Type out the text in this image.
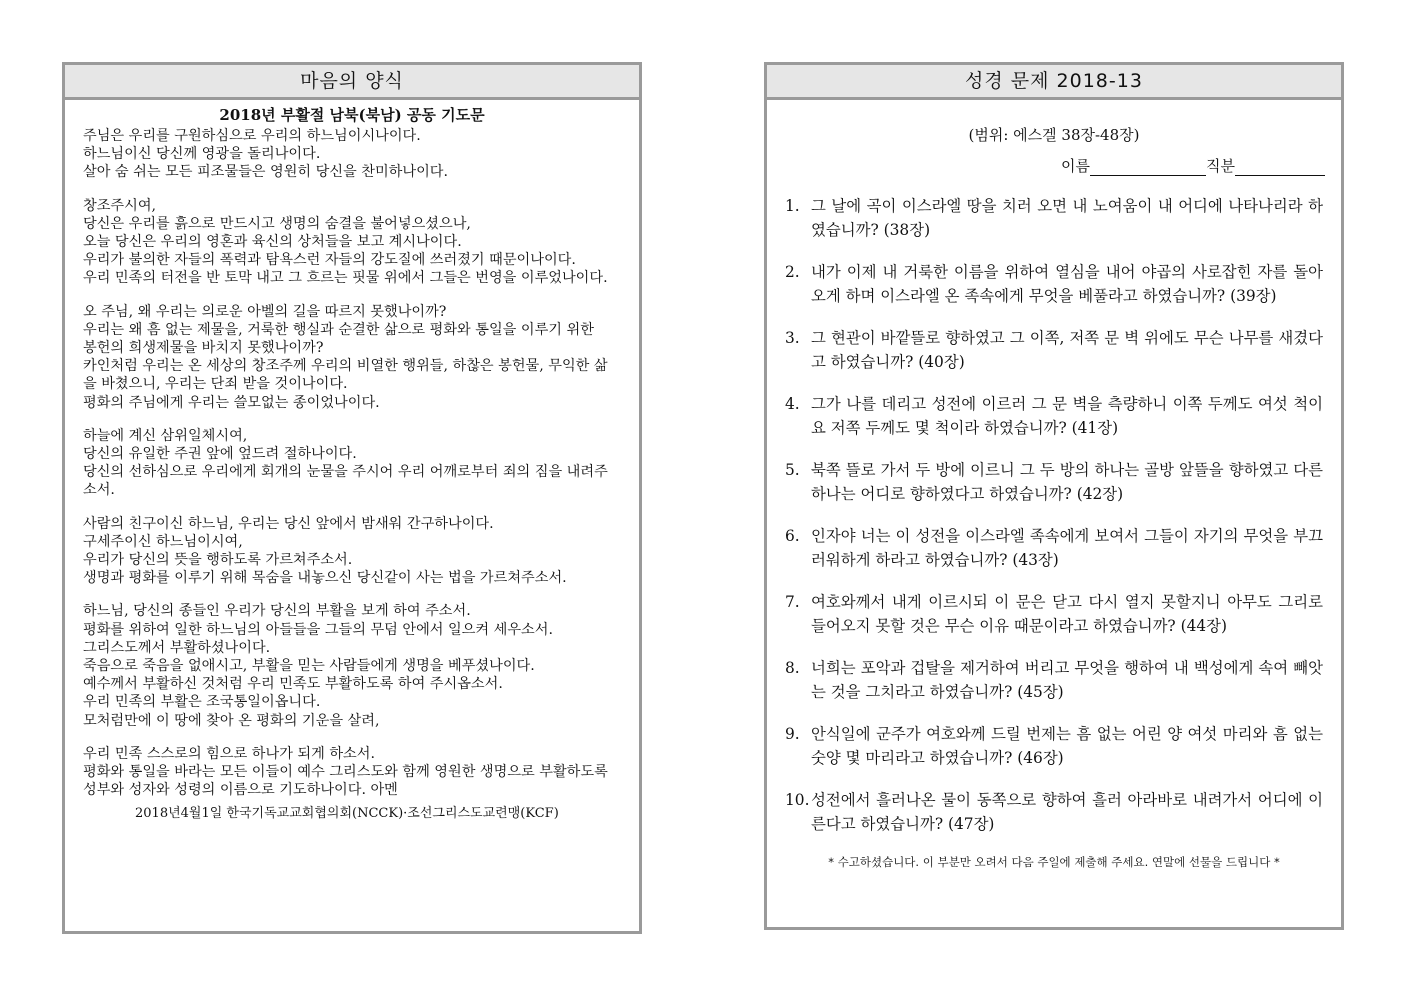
마음의 양식
2018년 부활절 남북(북남) 공동 기도문

주님은 우리를 구원하심으로 우리의 하느님이시나이다.
하느님이신 당신께 영광을 돌리나이다.
살아 숨 쉬는 모든 피조물들은 영원히 당신을 찬미하나이다.

창조주시여,
당신은 우리를 흙으로 만드시고 생명의 숨결을 불어넣으셨으나,
오늘 당신은 우리의 영혼과 육신의 상처들을 보고 계시나이다.
우리가 불의한 자들의 폭력과 탐욕스런 자들의 강도질에 쓰러졌기 때문이나이다.
우리 민족의 터전을 반 토막 내고 그 흐르는 핏물 위에서 그들은 번영을 이루었나이다.

오 주님, 왜 우리는 의로운 아벨의 길을 따르지 못했나이까?
우리는 왜 흠 없는 제물을, 거룩한 행실과 순결한 삶으로 평화와 통일을 이루기 위한 봉헌의 희생제물을 바치지 못했나이까?
카인처럼 우리는 온 세상의 창조주께 우리의 비열한 행위들, 하찮은 봉헌물, 무익한 삶을 바쳤으니, 우리는 단죄 받을 것이나이다.
평화의 주님에게 우리는 쓸모없는 종이었나이다.

하늘에 계신 삼위일체시여,
당신의 유일한 주권 앞에 엎드려 절하나이다.
당신의 선하심으로 우리에게 회개의 눈물을 주시어 우리 어깨로부터 죄의 짐을 내려주소서.

사람의 친구이신 하느님, 우리는 당신 앞에서 밤새워 간구하나이다.
구세주이신 하느님이시여,
우리가 당신의 뜻을 행하도록 가르쳐주소서.
생명과 평화를 이루기 위해 목숨을 내놓으신 당신같이 사는 법을 가르쳐주소서.

하느님, 당신의 종들인 우리가 당신의 부활을 보게 하여 주소서.
평화를 위하여 일한 하느님의 아들들을 그들의 무덤 안에서 일으켜 세우소서.
그리스도께서 부활하셨나이다.
죽음으로 죽음을 없애시고, 부활을 믿는 사람들에게 생명을 베푸셨나이다.
예수께서 부활하신 것처럼 우리 민족도 부활하도록 하여 주시옵소서.
우리 민족의 부활은 조국통일이옵니다.
모처럼만에 이 땅에 찾아 온 평화의 기운을 살려,

우리 민족 스스로의 힘으로 하나가 되게 하소서.
평화와 통일을 바라는 모든 이들이 예수 그리스도와 함께 영원한 생명으로 부활하도록
성부와 성자와 성령의 이름으로 기도하나이다. 아멘

2018년4월1일 한국기독교교회협의회(NCCK)·조선그리스도교련맹(KCF)
성경 문제 2018-13
(범위: 에스겔 38장-48장)
이름	직분
1. 그 날에 곡이 이스라엘 땅을 치러 오면 내 노여움이 내 어디에 나타나리라 하였습니까? (38장)
2. 내가 이제 내 거룩한 이름을 위하여 열심을 내어 야곱의 사로잡힌 자를 돌아오게 하며 이스라엘 온 족속에게 무엇을 베풀라고 하였습니까? (39장)
3. 그 현관이 바깥뜰로 향하였고 그 이쪽, 저쪽 문 벽 위에도 무슨 나무를 새겼다고 하였습니까? (40장)
4. 그가 나를 데리고 성전에 이르러 그 문 벽을 측량하니 이쪽 두께도 여섯 척이요 저쪽 두께도 몇 척이라 하였습니까? (41장)
5. 북쪽 뜰로 가서 두 방에 이르니 그 두 방의 하나는 골방 앞뜰을 향하였고 다른 하나는 어디로 향하였다고 하였습니까? (42장)
6. 인자야 너는 이 성전을 이스라엘 족속에게 보여서 그들이 자기의 무엇을 부끄러워하게 하라고 하였습니까? (43장)
7. 여호와께서 내게 이르시되 이 문은 닫고 다시 열지 못할지니 아무도 그리로 들어오지 못할 것은 무슨 이유 때문이라고 하였습니까? (44장)
8. 너희는 포악과 겁탈을 제거하여 버리고 무엇을 행하여 내 백성에게 속여 빼앗는 것을 그치라고 하였습니까? (45장)
9. 안식일에 군주가 여호와께 드릴 번제는 흠 없는 어린 양 여섯 마리와 흠 없는 숫양 몇 마리라고 하였습니까? (46장)
10. 성전에서 흘러나온 물이 동쪽으로 향하여 흘러 아라바로 내려가서 어디에 이른다고 하였습니까? (47장)
* 수고하셨습니다. 이 부분만 오려서 다음 주일에 제출해 주세요. 연말에 선물을 드립니다 *
